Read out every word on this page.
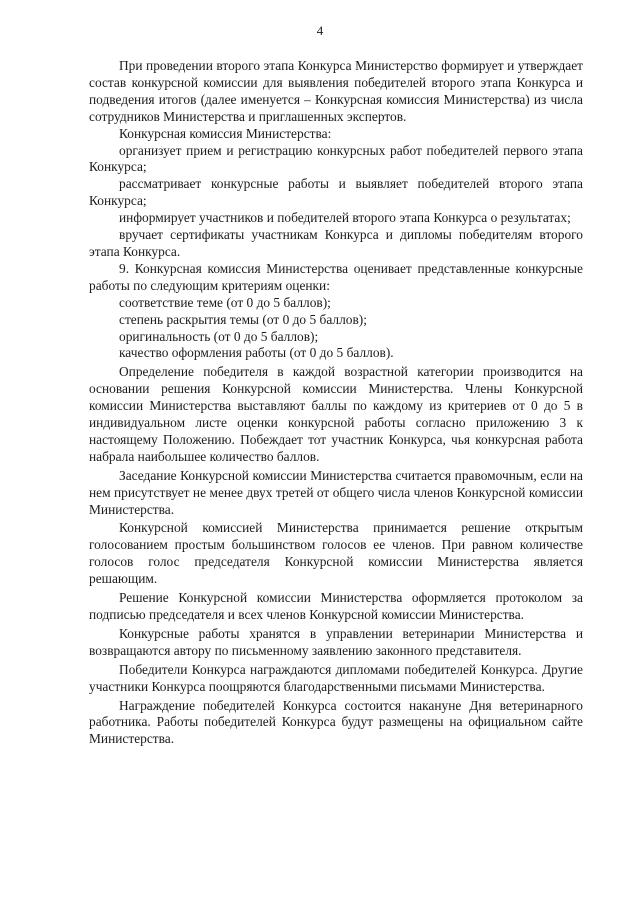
4

При проведении второго этапа Конкурса Министерство формирует и утверждает состав конкурсной комиссии для выявления победителей второго этапа Конкурса и подведения итогов (далее именуется – Конкурсная комиссия Министерства) из числа сотрудников Министерства и приглашенных экспертов.

Конкурсная комиссия Министерства:

организует прием и регистрацию конкурсных работ победителей первого этапа Конкурса;

рассматривает конкурсные работы и выявляет победителей второго этапа Конкурса;

информирует участников и победителей второго этапа Конкурса о результатах;

вручает сертификаты участникам Конкурса и дипломы победителям второго этапа Конкурса.

9. Конкурсная комиссия Министерства оценивает представленные конкурсные работы по следующим критериям оценки:

соответствие теме (от 0 до 5 баллов);

степень раскрытия темы (от 0 до 5 баллов);

оригинальность (от 0 до 5 баллов);

качество оформления работы (от 0 до 5 баллов).

Определение победителя в каждой возрастной категории производится на основании решения Конкурсной комиссии Министерства. Члены Конкурсной комиссии Министерства выставляют баллы по каждому из критериев от 0 до 5 в индивидуальном листе оценки конкурсной работы согласно приложению 3 к настоящему Положению. Побеждает тот участник Конкурса, чья конкурсная работа набрала наибольшее количество баллов.

Заседание Конкурсной комиссии Министерства считается правомочным, если на нем присутствует не менее двух третей от общего числа членов Конкурсной комиссии Министерства.

Конкурсной комиссией Министерства принимается решение открытым голосованием простым большинством голосов ее членов. При равном количестве голосов голос председателя Конкурсной комиссии Министерства является решающим.

Решение Конкурсной комиссии Министерства оформляется протоколом за подписью председателя и всех членов Конкурсной комиссии Министерства.

Конкурсные работы хранятся в управлении ветеринарии Министерства и возвращаются автору по письменному заявлению законного представителя.

Победители Конкурса награждаются дипломами победителей Конкурса. Другие участники Конкурса поощряются благодарственными письмами Министерства.

Награждение победителей Конкурса состоится накануне Дня ветеринарного работника. Работы победителей Конкурса будут размещены на официальном сайте Министерства.
